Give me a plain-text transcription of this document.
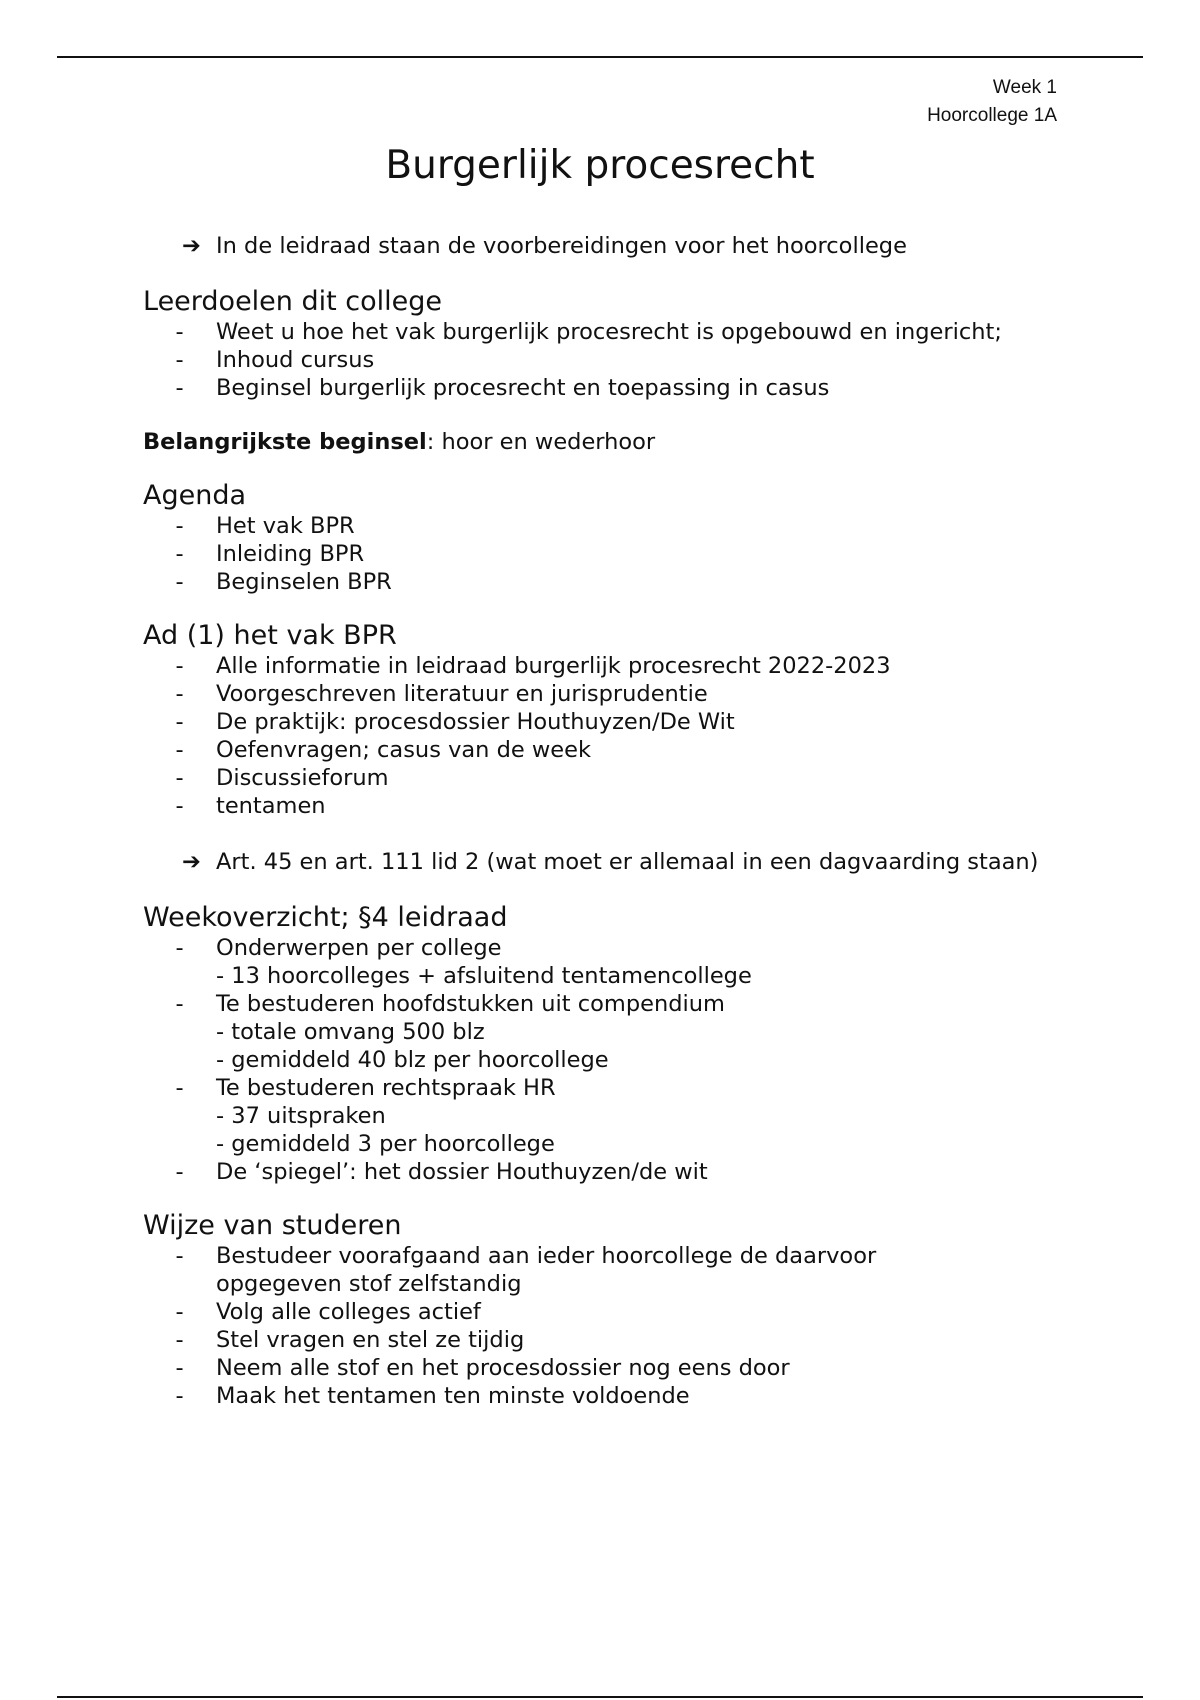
Week 1
Hoorcollege 1A
Burgerlijk procesrecht
➔ In de leidraad staan de voorbereidingen voor het hoorcollege
Leerdoelen dit college
-	Weet u hoe het vak burgerlijk procesrecht is opgebouwd en ingericht;
-	Inhoud cursus
-	Beginsel burgerlijk procesrecht en toepassing in casus

Belangrijkste beginsel: hoor en wederhoor

Agenda
-	Het vak BPR
-	Inleiding BPR
-	Beginselen BPR
Ad (1) het vak BPR
-	Alle informatie in leidraad burgerlijk procesrecht 2022-2023
-	Voorgeschreven literatuur en jurisprudentie
-	De praktijk: procesdossier Houthuyzen/De Wit
-	Oefenvragen; casus van de week
-	Discussieforum
-	tentamen
➔ Art. 45 en art. 111 lid 2 (wat moet er allemaal in een dagvaarding staan)
Weekoverzicht; §4 leidraad
-	Onderwerpen per college
- 13 hoorcolleges + afsluitend tentamencollege
-	Te bestuderen hoofdstukken uit compendium
- totale omvang 500 blz
- gemiddeld 40 blz per hoorcollege
-	Te bestuderen rechtspraak HR
- 37 uitspraken
- gemiddeld 3 per hoorcollege
-	De ‘spiegel’: het dossier Houthuyzen/de wit
Wijze van studeren
-	Bestudeer voorafgaand aan ieder hoorcollege de daarvoor opgegeven stof zelfstandig
-	Volg alle colleges actief
-	Stel vragen en stel ze tijdig
-	Neem alle stof en het procesdossier nog eens door
-	Maak het tentamen ten minste voldoende
